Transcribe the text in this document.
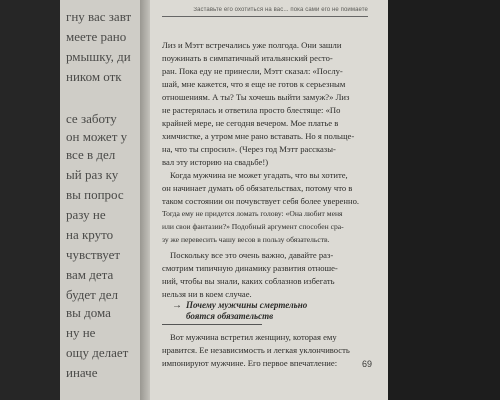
гну вас завт
меете рано
рмышку, ди
ником отк
се заботу
он может у
все в дел
ый раз ку
вы попрос
разу не
на круто
чувствует
вам дета
будет дел
вы дома
ну не
ощу делает
иначе
Заставьте его охотиться на вас... пока сами его не поймаете
Лиз и Мэтт встречались уже полгода. Они зашли
поужинать в симпатичный итальянский ресто-
ран. Пока еду не принесли, Мэтт сказал: «Послу-
шай, мне кажется, что я еще не готов к серьезным
отношениям. А ты? Ты хочешь выйти замуж?» Лиз
не растерялась и ответила просто блестяще: «По
крайней мере, не сегодня вечером. Мое платье в
химчистке, а утром мне рано вставать. Но я польще-
на, что ты спросил». (Через год Мэтт рассказы-
вал эту историю на свадьбе!)
Когда мужчина не может угадать, что вы хотите,
он начинает думать об обязательствах, потому что в
таком состоянии он почувствует себя более уверенно.
Тогда ему не придется ломать голову: «Она любит меня
или свои фантазии?» Подобный аргумент способен сра-
зу же перевесить чашу весов в пользу обязательств.
Поскольку все это очень важно, давайте раз-
смотрим типичную динамику развития отноше-
ний, чтобы вы знали, каких соблазнов избегать
нельзя ни в коем случае.
→ Почему мужчины смертельно
боятся обязательств
Вот мужчина встретил женщину, которая ему
нравится. Ее независимость и легкая уклончивость
импонируют мужчине. Его первое впечатление:	69
